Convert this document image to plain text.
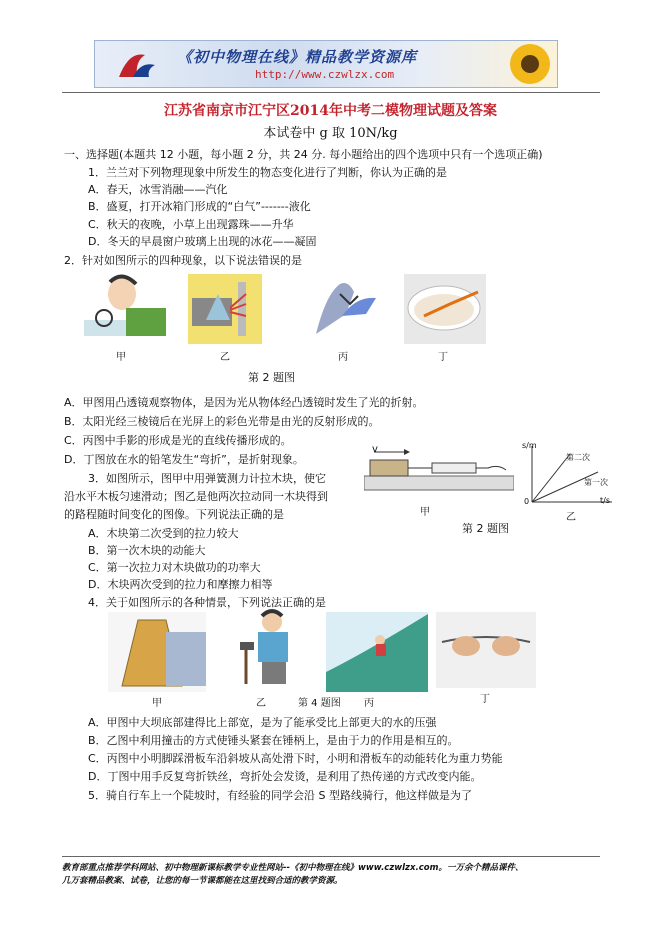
《初中物理在线》精品教学资源库
http://www.czwlzx.com
江苏省南京市江宁区2014年中考二模物理试题及答案
本试卷中 g 取 10N/kg
一、选择题(本题共 12 小题，每小题 2 分，共 24 分. 每小题给出的四个选项中只有一个选项正确)
1．兰兰对下列物理现象中所发生的物态变化进行了判断，你认为正确的是
A．春天，冰雪消融——汽化
B．盛夏，打开冰箱门形成的“白气”-------液化
C．秋天的夜晚，小草上出现露珠——升华
D．冬天的早晨窗户玻璃上出现的冰花——凝固
2．针对如图所示的四种现象，以下说法错误的是
甲	乙	丙	丁
第 2 题图
A．甲图用凸透镜观察物体，是因为光从物体经凸透镜时发生了光的折射。
B．太阳光经三棱镜后在光屏上的彩色光带是由光的反射形成的。
C．丙图中手影的形成是光的直线传播形成的。
D．丁图放在水的铅笔发生“弯折”，是折射现象。
3．如图所示，图甲中用弹簧测力计拉木块，使它
沿水平木板匀速滑动；图乙是他两次拉动同一木块得到
的路程随时间变化的图像。下列说法正确的是
A．木块第二次受到的拉力较大
B．第一次木块的动能大
C．第一次拉力对木块做功的功率大
D．木块两次受到的拉力和摩擦力相等
v
甲
s/m
t/s
0
第二次
第一次
乙
第 2 题图
4．关于如图所示的各种情景，下列说法正确的是
甲	乙	第 4 题图 丙	丁
A．甲图中大坝底部建得比上部宽，是为了能承受比上部更大的水的压强
B．乙图中利用撞击的方式使锤头紧套在锤柄上，是由于力的作用是相互的。
C．丙图中小明脚踩滑板车沿斜坡从高处滑下时，小明和滑板车的动能转化为重力势能
D．丁图中用手反复弯折铁丝，弯折处会发烫，是利用了热传递的方式改变内能。
5．骑自行车上一个陡坡时，有经验的同学会沿 S 型路线骑行，他这样做是为了
教育部重点推荐学科网站、初中物理新课标教学专业性网站--《初中物理在线》www.czwlzx.com。一万余个精品课件、
几万套精品教案、试卷，让您的每一节课都能在这里找到合适的教学资源。
